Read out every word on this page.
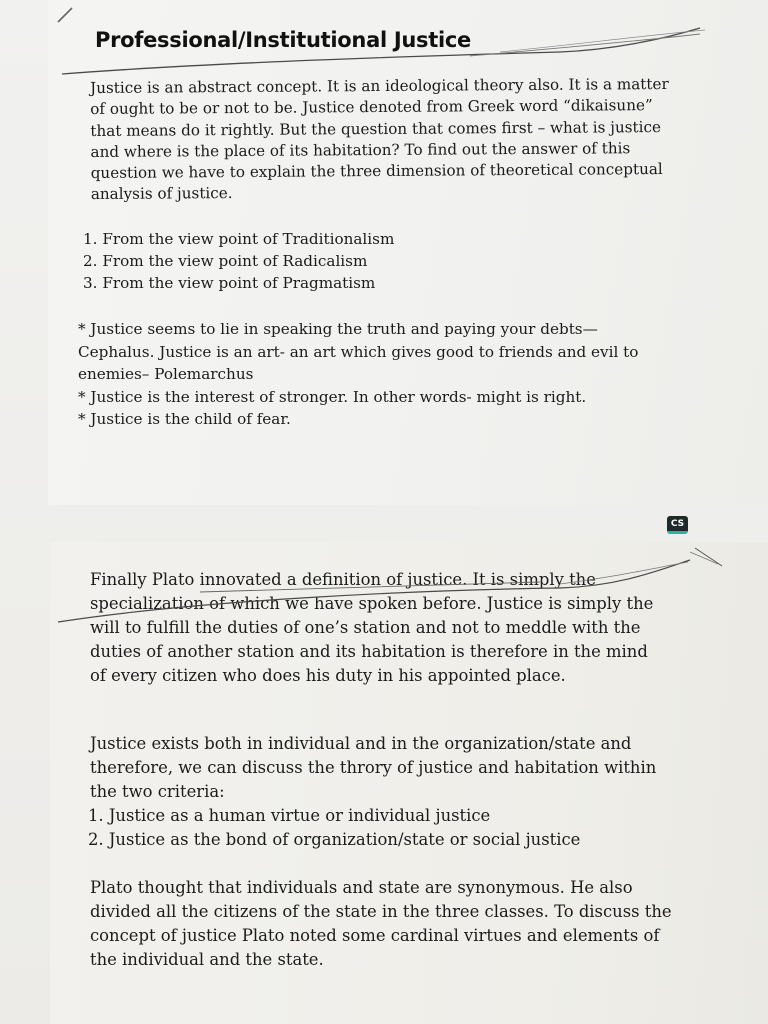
Professional/Institutional Justice

Justice is an abstract concept. It is an ideological theory also. It is a matter
of ought to be or not to be. Justice denoted from Greek word “dikaisune”
that means do it rightly. But the question that comes first – what is justice
and where is the place of its habitation? To find out the answer of this
question we have to explain the three dimension of theoretical conceptual
analysis of justice.

1. From the view point of Traditionalism
2. From the view point of Radicalism
3. From the view point of Pragmatism

* Justice seems to lie in speaking the truth and paying your debts—
Cephalus. Justice is an art- an art which gives good to friends and evil to
enemies– Polemarchus
* Justice is the interest of stronger. In other words- might is right.
* Justice is the child of fear.

Finally Plato innovated a definition of justice. It is simply the
specialization of which we have spoken before. Justice is simply the
will to fulfill the duties of one’s station and not to meddle with the
duties of another station and its habitation is therefore in the mind
of every citizen who does his duty in his appointed place.

Justice exists both in individual and in the organization/state and
therefore, we can discuss the throry of justice and habitation within
the two criteria:

1. Justice as a human virtue or individual justice
2. Justice as the bond of organization/state or social justice

Plato thought that individuals and state are synonymous. He also
divided all the citizens of the state in the three classes. To discuss the
concept of justice Plato noted some cardinal virtues and elements of
the individual and the state.

CS
